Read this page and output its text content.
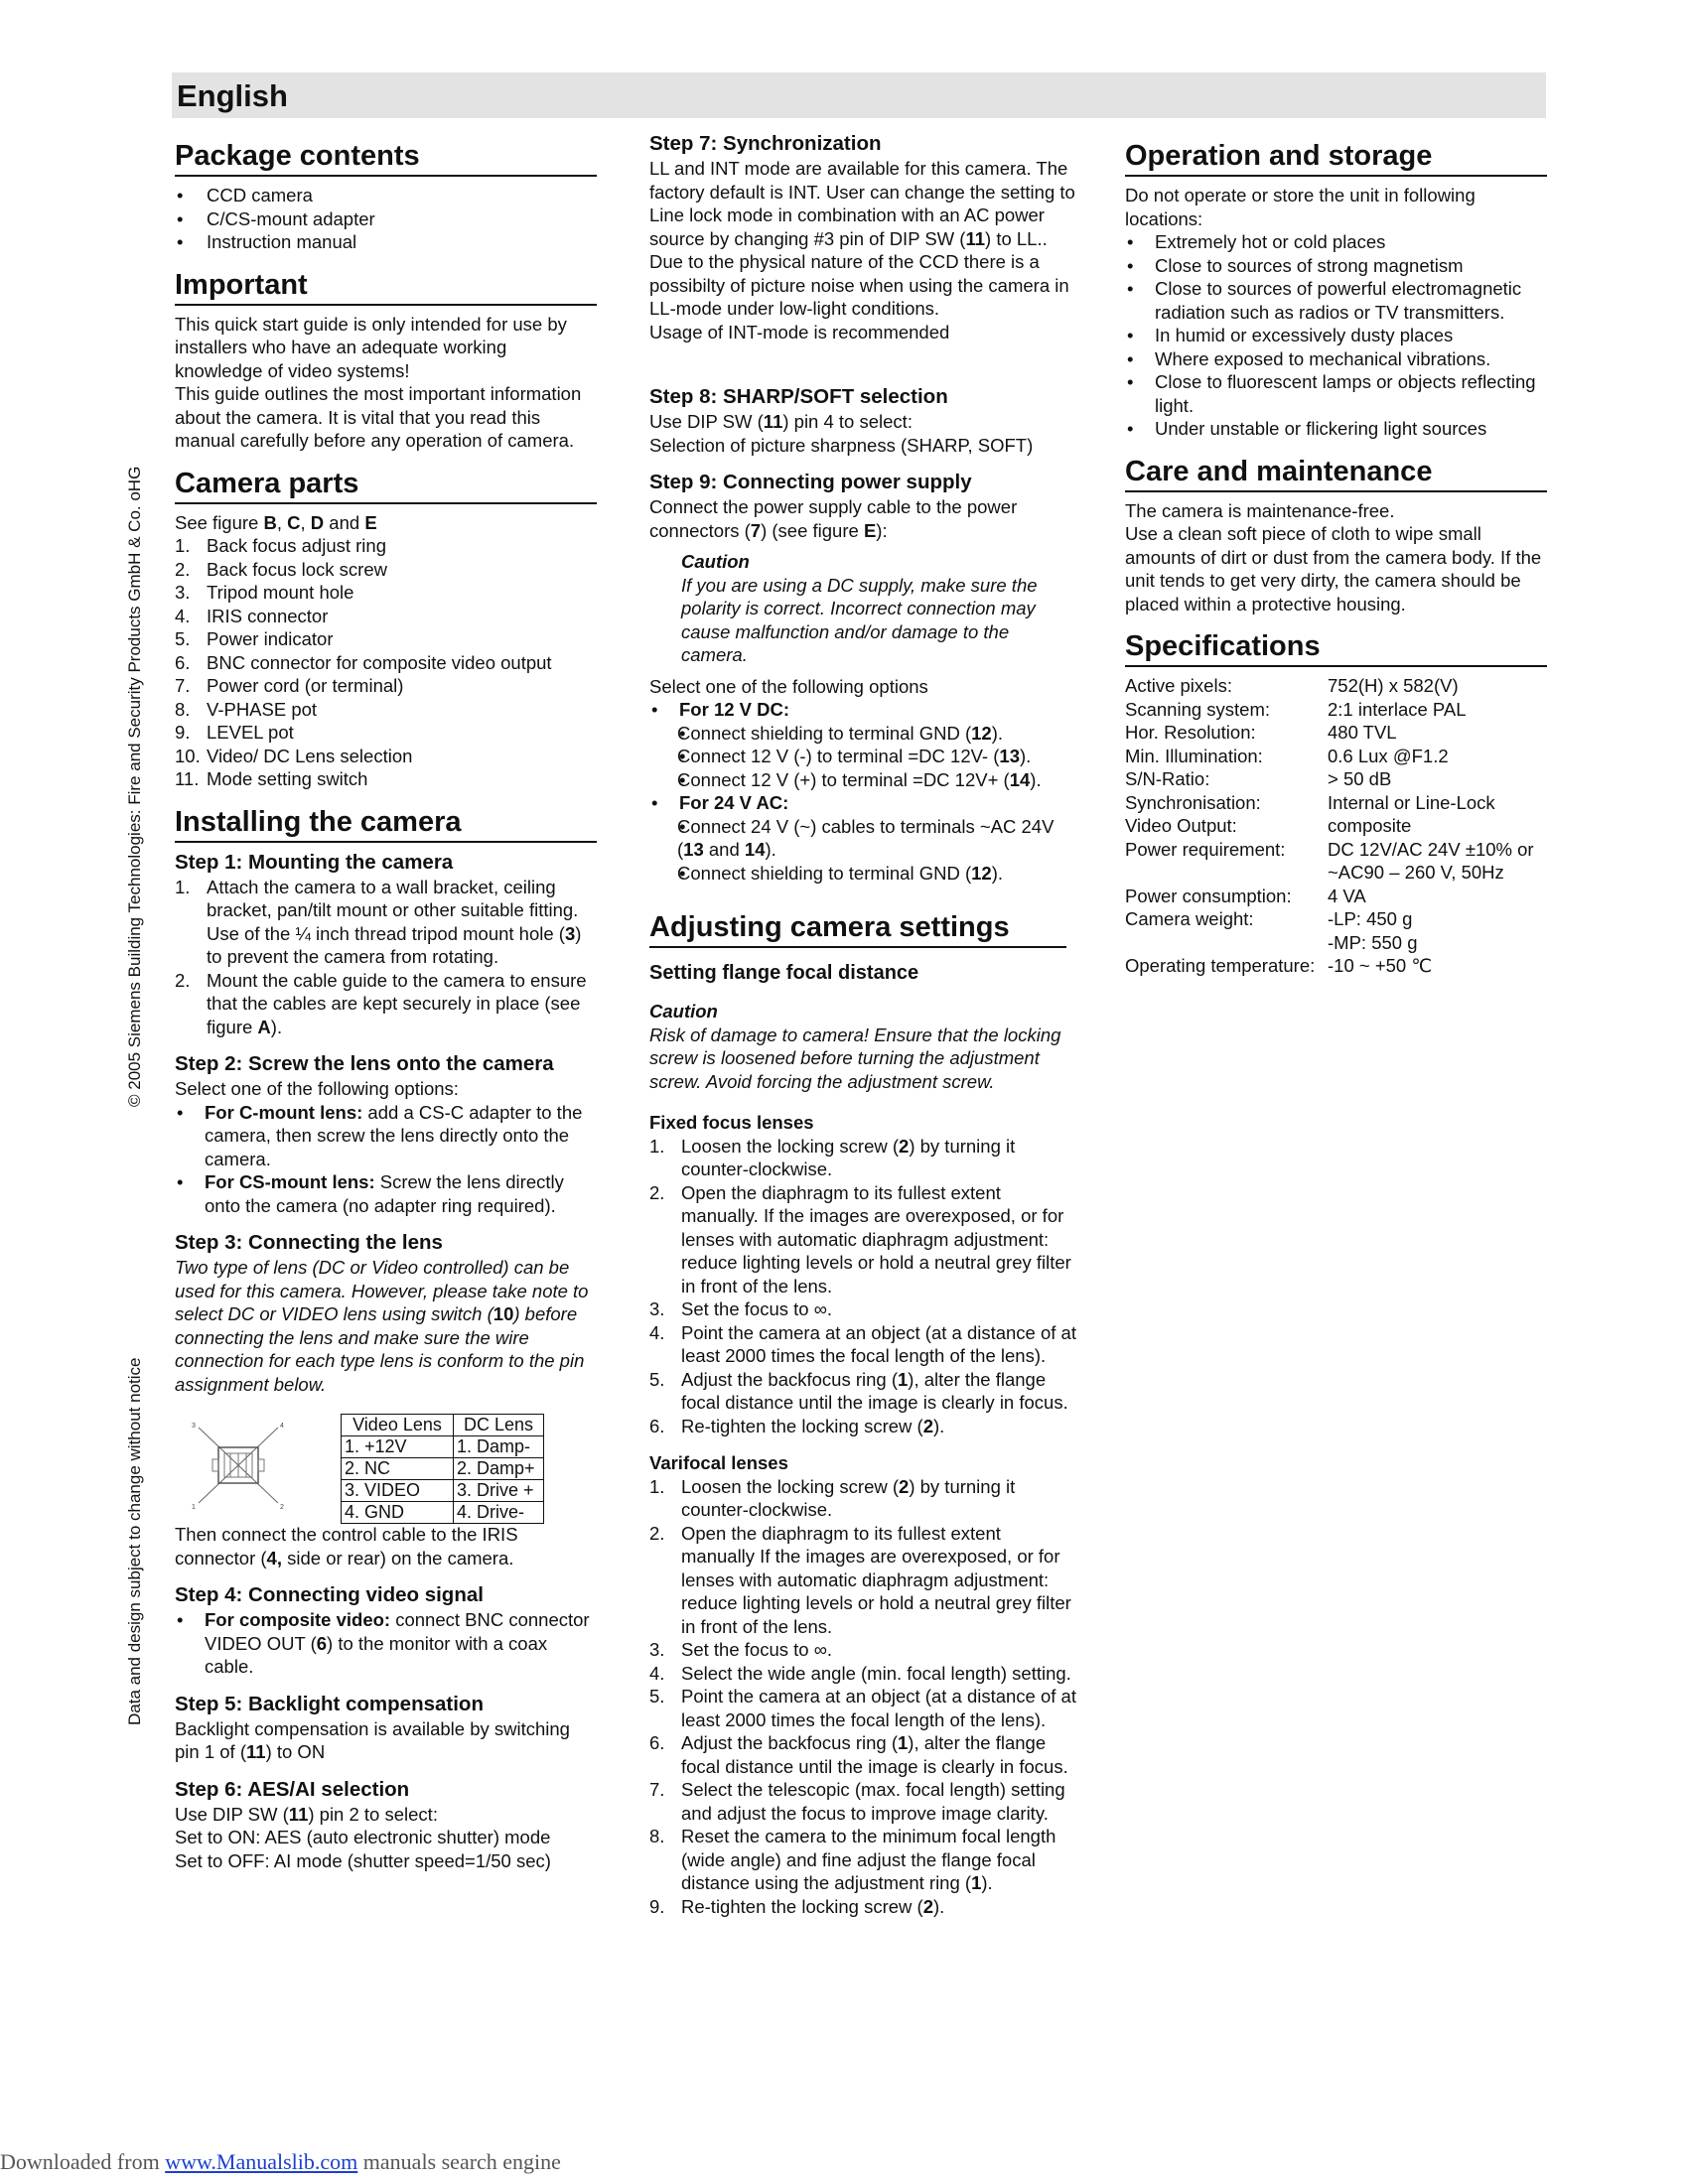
English
© 2005 Siemens Building Technologies: Fire and Security Products GmbH & Co. oHG
Data and design subject to change without notice
Package contents
• CCD camera
• C/CS-mount adapter
• Instruction manual
Important

This quick start guide is only intended for use by installers who have an adequate working knowledge of video systems!

This guide outlines the most important information about the camera. It is vital that you read this manual carefully before any operation of camera.

Camera parts

See figure B, C, D and E

1. Back focus adjust ring
2. Back focus lock screw
3. Tripod mount hole
4. IRIS connector
5. Power indicator
6. BNC connector for composite video output
7. Power cord (or terminal)
8. V-PHASE pot
9. LEVEL pot
10. Video/ DC Lens selection
11. Mode setting switch
Installing the camera
Step 1: Mounting the camera
1. Attach the camera to a wall bracket, ceiling bracket, pan/tilt mount or other suitable fitting. Use of the ¼ inch thread tripod mount hole (3) to prevent the camera from rotating.
2. Mount the cable guide to the camera to ensure that the cables are kept securely in place (see figure A).
Step 2: Screw the lens onto the camera

Select one of the following options:

• For C-mount lens: add a CS-C adapter to the camera, then screw the lens directly onto the camera.
• For CS-mount lens: Screw the lens directly onto the camera (no adapter ring required).
Step 3: Connecting the lens

Two type of lens (DC or Video controlled) can be used for this camera. However, please take note to select DC or VIDEO lens using switch (10) before connecting the lens and make sure the wire connection for each type lens is conform to the pin assignment below.

3	4
1	2
Video Lens	DC Lens
1. +12V	1. Damp-
2. NC	2. Damp+
3. VIDEO	3. Drive +
4. GND	4. Drive-

Then connect the control cable to the IRIS connector (4, side or rear) on the camera.

Step 4: Connecting video signal
• For composite video: connect BNC connector VIDEO OUT (6) to the monitor with a coax cable.
Step 5: Backlight compensation

Backlight compensation is available by switching pin 1 of (11) to ON

Step 6: AES/AI selection

Use DIP SW (11) pin 2 to select:

Set to ON: AES (auto electronic shutter) mode

Set to OFF: AI mode (shutter speed=1/50 sec)

Step 7: Synchronization

LL and INT mode are available for this camera. The factory default is INT. User can change the setting to Line lock mode in combination with an AC power source by changing #3 pin of DIP SW (11) to LL.. Due to the physical nature of the CCD there is a possibilty of picture noise when using the camera in LL-mode under low-light conditions.

Usage of INT-mode is recommended

Step 8: SHARP/SOFT selection

Use DIP SW (11) pin 4 to select:

Selection of picture sharpness (SHARP, SOFT)

Step 9: Connecting power supply

Connect the power supply cable to the power connectors (7) (see figure E):

Caution

If you are using a DC supply, make sure the polarity is correct. Incorrect connection may cause malfunction and/or damage to the camera.

Select one of the following options

• For 12 V DC:
• Connect shielding to terminal GND (12).
• Connect 12 V (-) to terminal =DC 12V- (13).
• Connect 12 V (+) to terminal =DC 12V+ (14).
• For 24 V AC:
• Connect 24 V (~) cables to terminals ~AC 24V (13 and 14).
• Connect shielding to terminal GND (12).
Adjusting camera settings
Setting flange focal distance

Caution

Risk of damage to camera! Ensure that the locking screw is loosened before turning the adjustment screw. Avoid forcing the adjustment screw.

Fixed focus lenses
1. Loosen the locking screw (2) by turning it counter-clockwise.
2. Open the diaphragm to its fullest extent manually. If the images are overexposed, or for lenses with automatic diaphragm adjustment: reduce lighting levels or hold a neutral grey filter in front of the lens.
3. Set the focus to ∞.
4. Point the camera at an object (at a distance of at least 2000 times the focal length of the lens).
5. Adjust the backfocus ring (1), alter the flange focal distance until the image is clearly in focus.
6. Re-tighten the locking screw (2).
Varifocal lenses
1. Loosen the locking screw (2) by turning it counter-clockwise.
2. Open the diaphragm to its fullest extent manually If the images are overexposed, or for lenses with automatic diaphragm adjustment: reduce lighting levels or hold a neutral grey filter in front of the lens.
3. Set the focus to ∞.
4. Select the wide angle (min. focal length) setting.
5. Point the camera at an object (at a distance of at least 2000 times the focal length of the lens).
6. Adjust the backfocus ring (1), alter the flange focal distance until the image is clearly in focus.
7. Select the telescopic (max. focal length) setting and adjust the focus to improve image clarity.
8. Reset the camera to the minimum focal length (wide angle) and fine adjust the flange focal distance using the adjustment ring (1).
9. Re-tighten the locking screw (2).
Operation and storage

Do not operate or store the unit in following locations:

• Extremely hot or cold places
• Close to sources of strong magnetism
• Close to sources of powerful electromagnetic radiation such as radios or TV transmitters.
• In humid or excessively dusty places
• Where exposed to mechanical vibrations.
• Close to fluorescent lamps or objects reflecting light.
• Under unstable or flickering light sources
Care and maintenance

The camera is maintenance-free.

Use a clean soft piece of cloth to wipe small amounts of dirt or dust from the camera body. If the unit tends to get very dirty, the camera should be placed within a protective housing.

Specifications
Active pixels:	752(H) x 582(V)
Scanning system:	2:1 interlace PAL
Hor. Resolution:	480 TVL
Min. Illumination:	0.6 Lux @F1.2
S/N-Ratio:	> 50 dB
Synchronisation:	Internal or Line-Lock
Video Output:	composite
Power requirement:	DC 12V/AC 24V ±10% or ~AC90 – 260 V, 50Hz
Power consumption:	4 VA
Camera weight:	-LP: 450 g
-MP: 550 g
Operating temperature: -10 ~ +50 ℃
Downloaded from www.Manualslib.com manuals search engine
